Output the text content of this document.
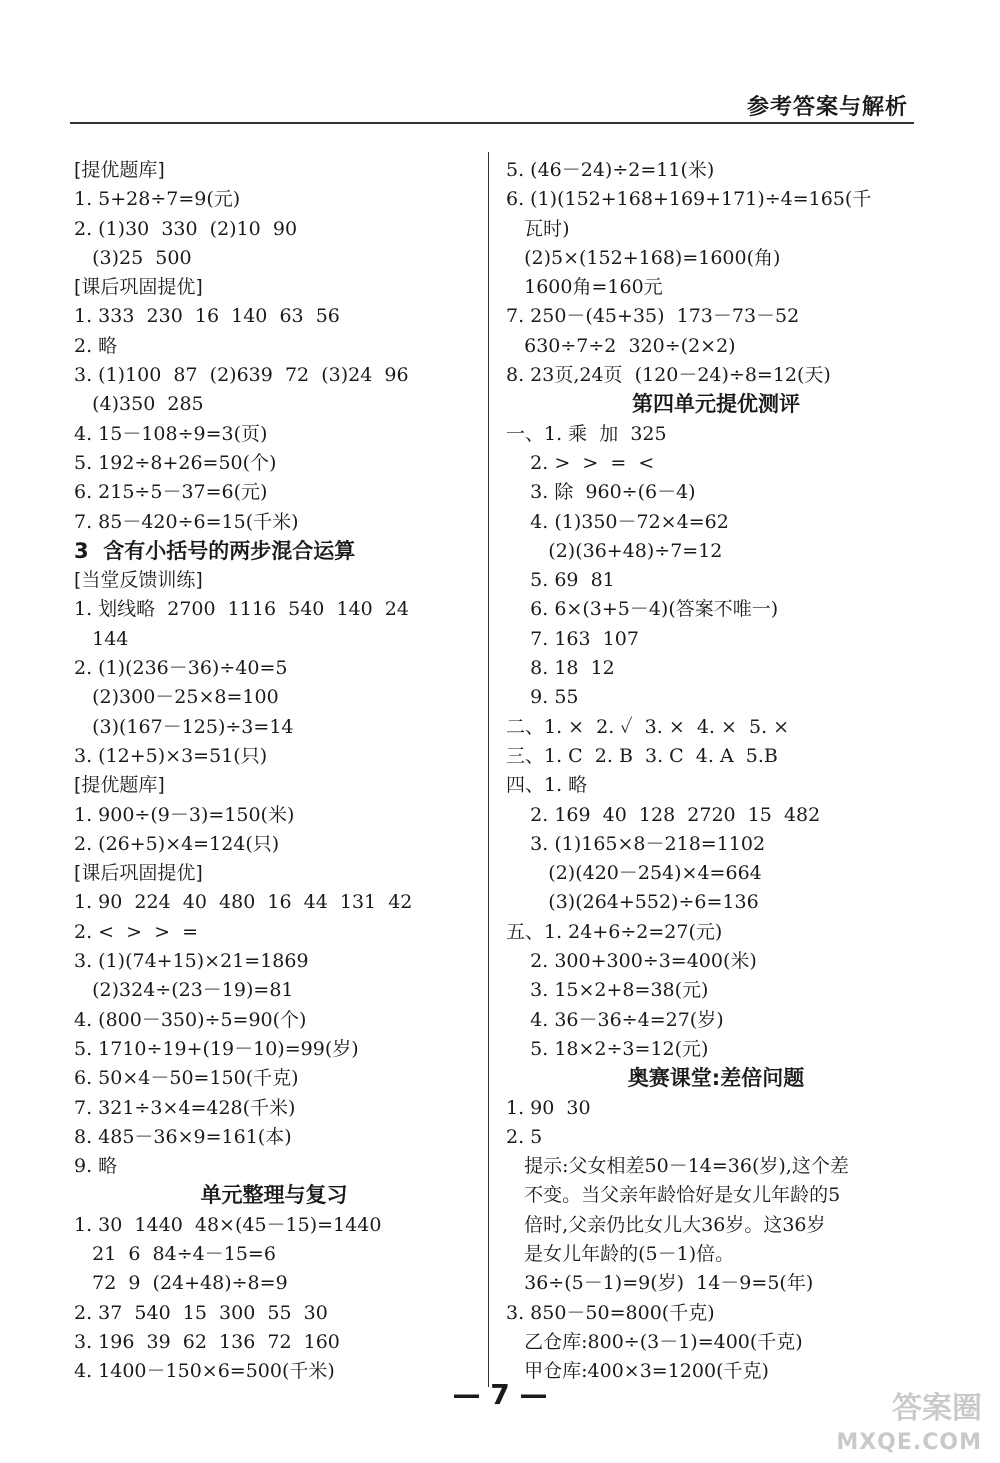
参考答案与解析
[提优题库]
1. 5+28÷7=9(元)
2. (1)30  330  (2)10  90
(3)25  500
[课后巩固提优]
1. 333  230  16  140  63  56
2. 略
3. (1)100  87  (2)639  72  (3)24  96
(4)350  285
4. 15－108÷9=3(页)
5. 192÷8+26=50(个)
6. 215÷5－37=6(元)
7. 85－420÷6=15(千米)
3  含有小括号的两步混合运算
[当堂反馈训练]
1. 划线略  2700  1116  540  140  24
144
2. (1)(236－36)÷40=5
(2)300－25×8=100
(3)(167－125)÷3=14
3. (12+5)×3=51(只)
[提优题库]
1. 900÷(9－3)=150(米)
2. (26+5)×4=124(只)
[课后巩固提优]
1. 90  224  40  480  16  44  131  42
2. <  >  >  =
3. (1)(74+15)×21=1869
(2)324÷(23－19)=81
4. (800－350)÷5=90(个)
5. 1710÷19+(19－10)=99(岁)
6. 50×4－50=150(千克)
7. 321÷3×4=428(千米)
8. 485－36×9=161(本)
9. 略
单元整理与复习
1. 30  1440  48×(45－15)=1440
21  6  84÷4－15=6
72  9  (24+48)÷8=9
2. 37  540  15  300  55  30
3. 196  39  62  136  72  160
4. 1400－150×6=500(千米)
5. (46－24)÷2=11(米)
6. (1)(152+168+169+171)÷4=165(千
瓦时)
(2)5×(152+168)=1600(角)
1600角=160元
7. 250－(45+35)  173－73－52
630÷7÷2  320÷(2×2)
8. 23页,24页  (120－24)÷8=12(天)
第四单元提优测评
一、1. 乘  加  325
2. >  >  =  <
3. 除  960÷(6－4)
4. (1)350－72×4=62
(2)(36+48)÷7=12
5. 69  81
6. 6×(3+5－4)(答案不唯一)
7. 163  107
8. 18  12
9. 55
二、1. ×  2. ✓  3. ×  4. ×  5. ×
三、1. C  2. B  3. C  4. A  5.B
四、1. 略
2. 169  40  128  2720  15  482
3. (1)165×8－218=1102
(2)(420－254)×4=664
(3)(264+552)÷6=136
五、1. 24+6÷2=27(元)
2. 300+300÷3=400(米)
3. 15×2+8=38(元)
4. 36－36÷4=27(岁)
5. 18×2÷3=12(元)
奥赛课堂:差倍问题
1. 90  30
2. 5
提示:父女相差50－14=36(岁),这个差
不变。当父亲年龄恰好是女儿年龄的5
倍时,父亲仍比女儿大36岁。这36岁
是女儿年龄的(5－1)倍。
36÷(5－1)=9(岁)  14－9=5(年)
3. 850－50=800(千克)
乙仓库:800÷(3－1)=400(千克)
甲仓库:400×3=1200(千克)
— 7 —	答案圈
MXQE.COM
